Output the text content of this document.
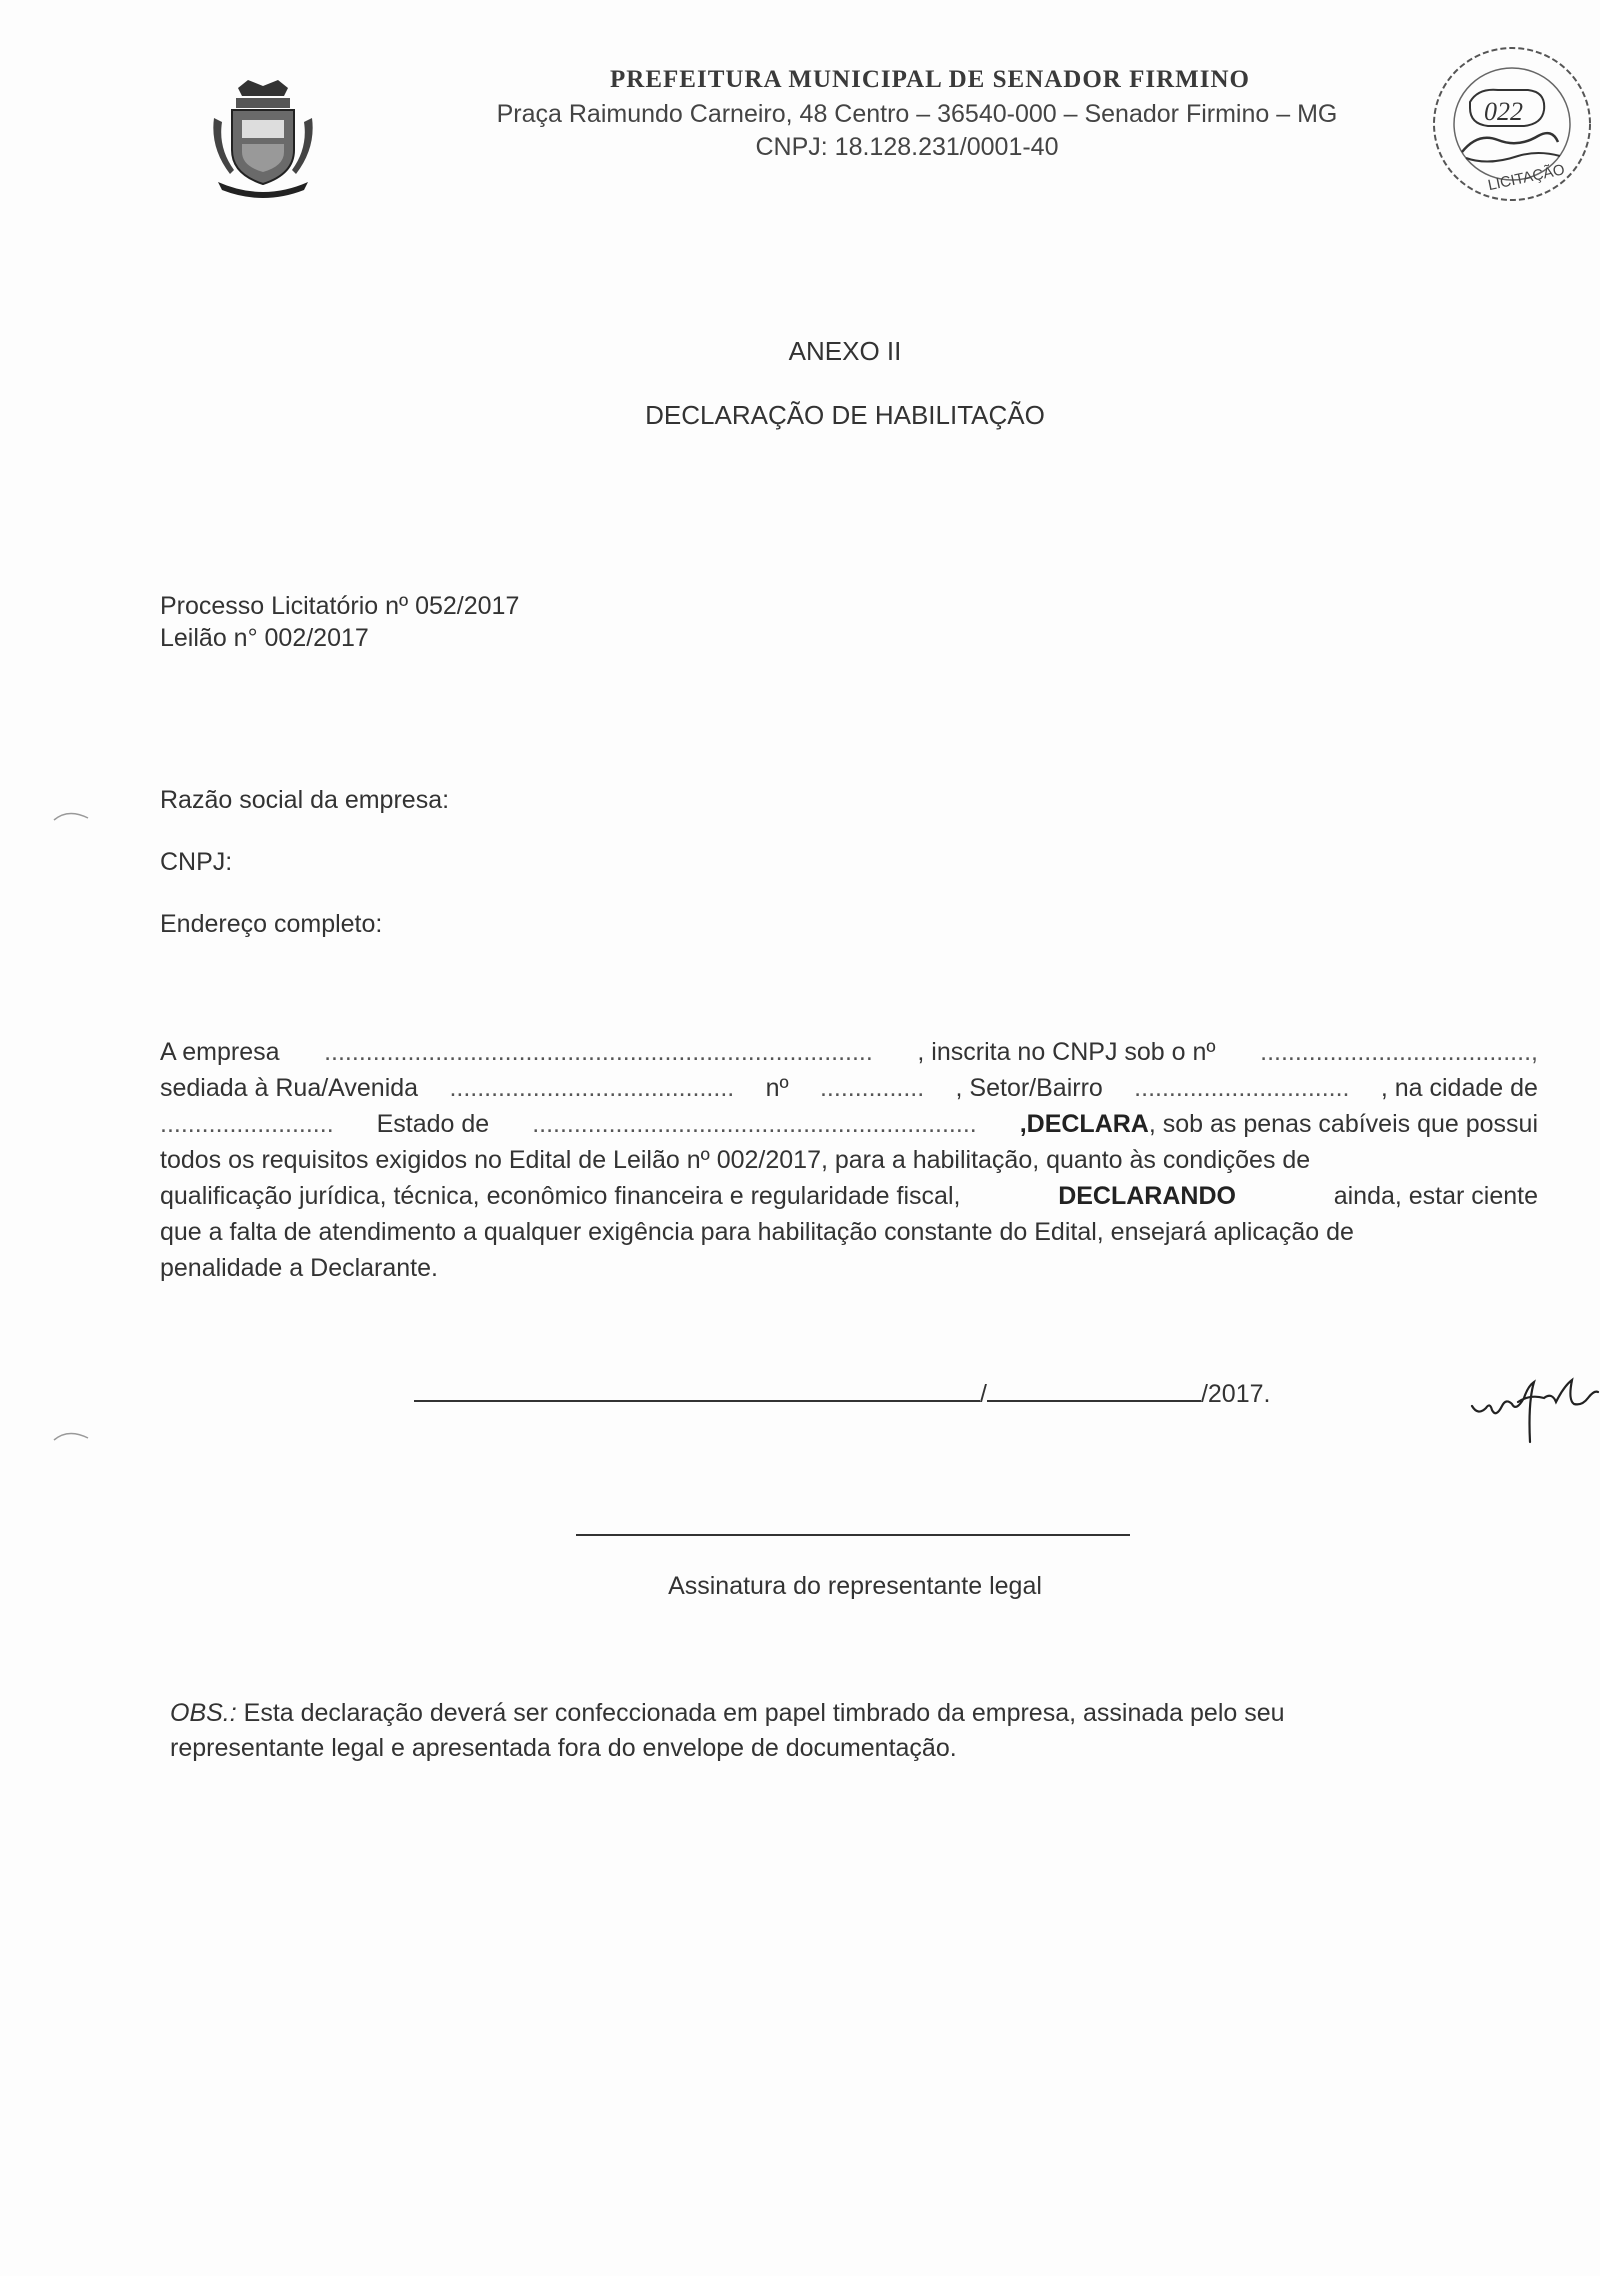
PREFEITURA MUNICIPAL DE SENADOR FIRMINO
Praça Raimundo Carneiro, 48 Centro – 36540-000 – Senador Firmino – MG
CNPJ: 18.128.231/0001-40
022
LICITAÇÃO
ANEXO II
DECLARAÇÃO DE HABILITAÇÃO
Processo Licitatório nº 052/2017
Leilão n° 002/2017
Razão social da empresa:
CNPJ:
Endereço completo:
A empresa ............................................................................... , inscrita no CNPJ sob o nº .......................................,
sediada à Rua/Avenida ......................................... nº ............... , Setor/Bairro ............................... , na cidade de
......................... Estado de ................................................................ ,DECLARA, sob as penas cabíveis que possui
todos os requisitos exigidos no Edital de Leilão nº 002/2017, para a habilitação, quanto às condições de
qualificação jurídica, técnica, econômico financeira e regularidade fiscal,	DECLARANDO	ainda, estar ciente
que a falta de atendimento a qualquer exigência para habilitação constante do Edital, ensejará aplicação de
penalidade a Declarante.
/	/2017.
Assinatura do representante legal
OBS.: Esta declaração deverá ser confeccionada em papel timbrado da empresa, assinada pelo seu
representante legal e apresentada fora do envelope de documentação.
